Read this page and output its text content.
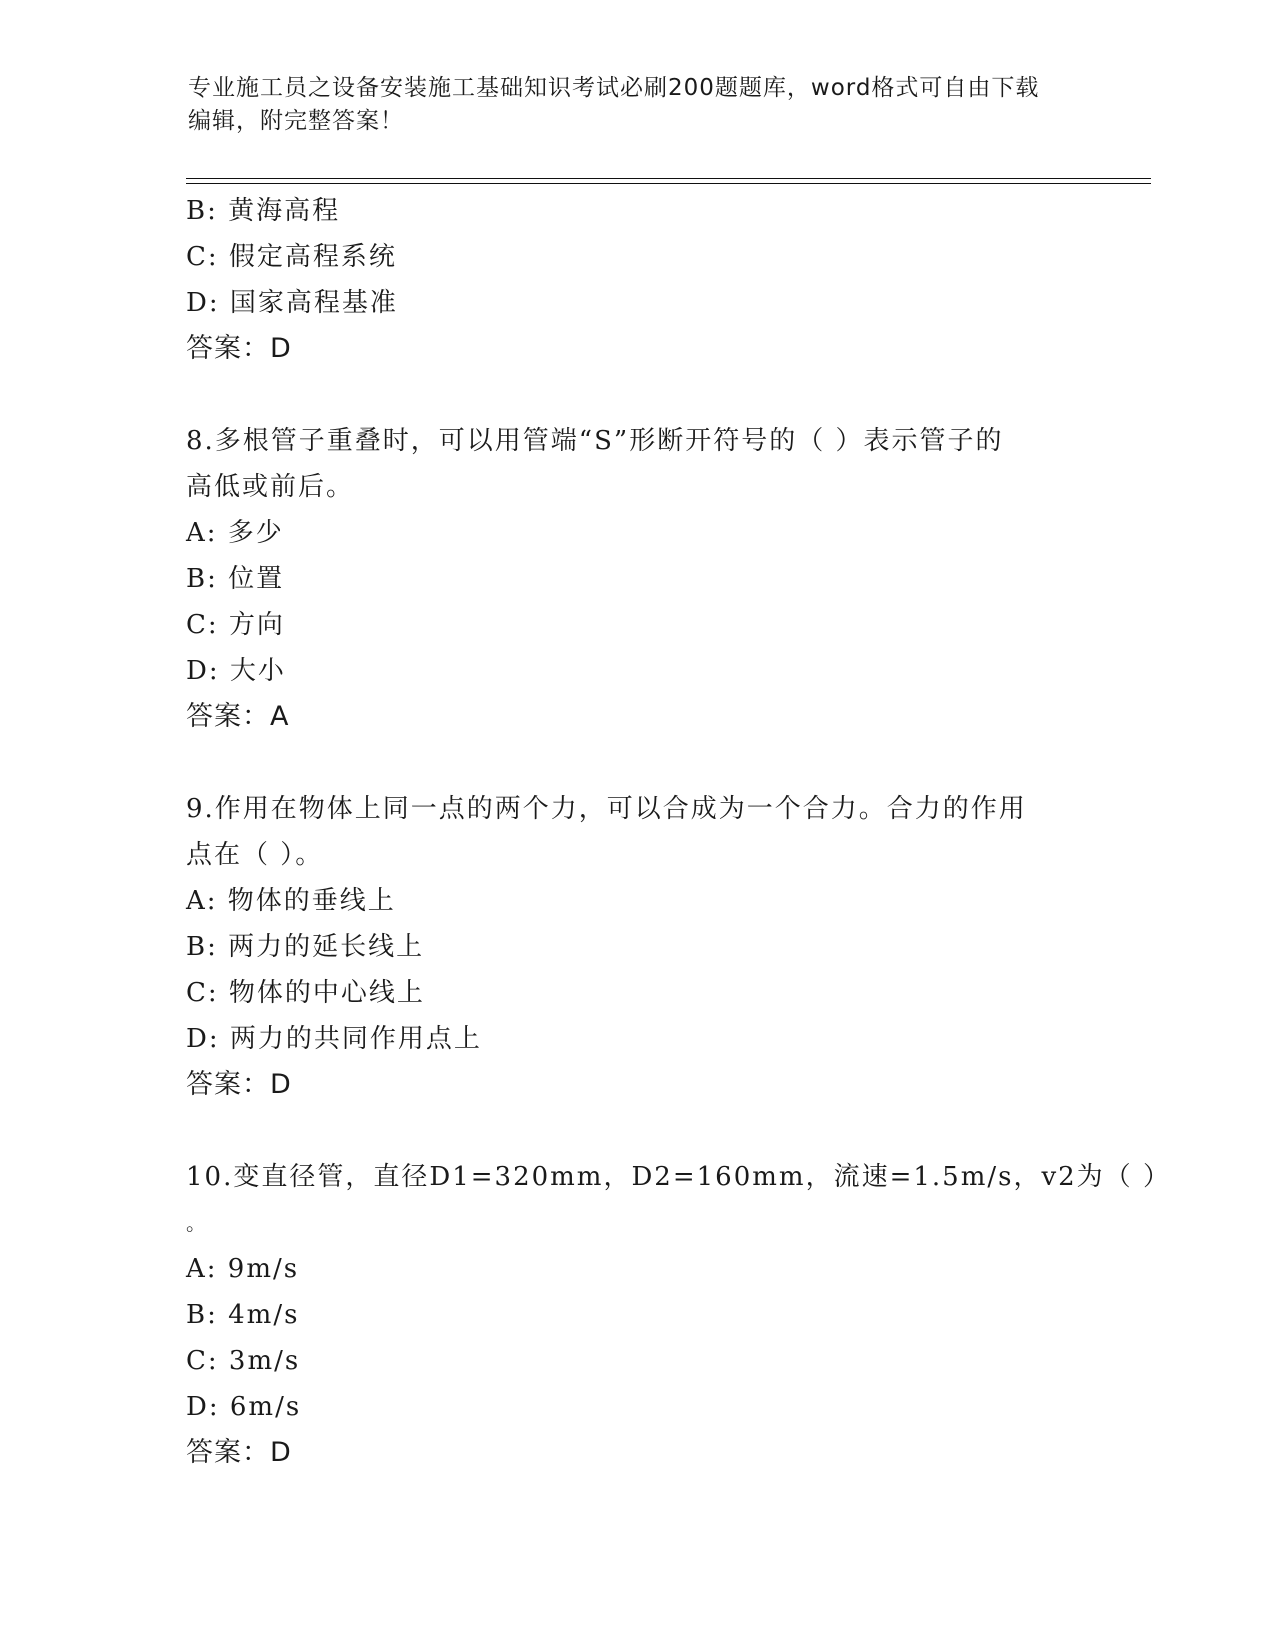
专业施工员之设备安装施工基础知识考试必刷200题题库，word格式可自由下载
编辑，附完整答案！
B: 黄海高程
C: 假定高程系统
D: 国家高程基准
答案：D
8.多根管子重叠时，可以用管端“S”形断开符号的（ ）表示管子的
高低或前后。
A: 多少
B: 位置
C: 方向
D: 大小
答案：A
9.作用在物体上同一点的两个力，可以合成为一个合力。合力的作用
点在（ ）。
A: 物体的垂线上
B: 两力的延长线上
C: 物体的中心线上
D: 两力的共同作用点上
答案：D
10.变直径管，直径D1=320mm，D2=160mm，流速=1.5m/s，v2为（ ）
。
A: 9m/s
B: 4m/s
C: 3m/s
D: 6m/s
答案：D
